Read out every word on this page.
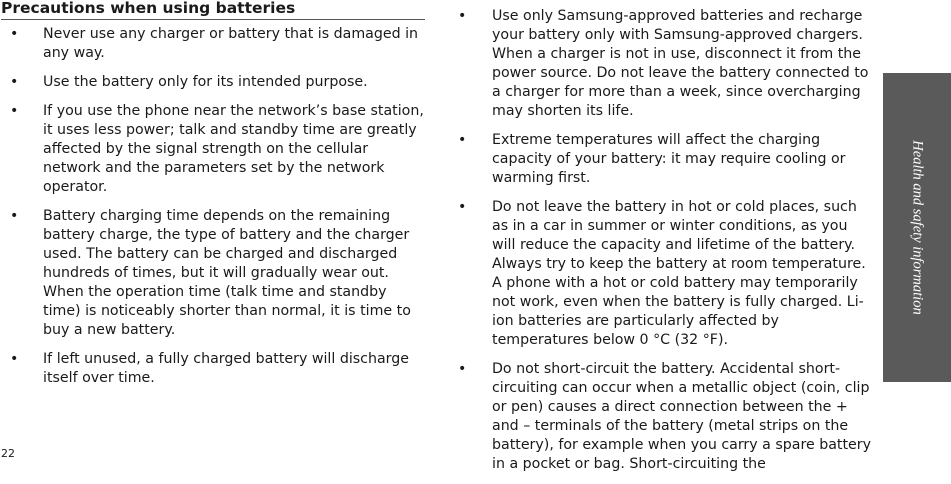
Precautions when using batteries
• Never use any charger or battery that is damaged in any way.
• Use the battery only for its intended purpose.
• If you use the phone near the network’s base station, it uses less power; talk and standby time are greatly affected by the signal strength on the cellular network and the parameters set by the network operator.
• Battery charging time depends on the remaining battery charge, the type of battery and the charger used. The battery can be charged and discharged hundreds of times, but it will gradually wear out. When the operation time (talk time and standby time) is noticeably shorter than normal, it is time to buy a new battery.
• If left unused, a fully charged battery will discharge itself over time.
• Use only Samsung-approved batteries and recharge your battery only with Samsung-approved chargers. When a charger is not in use, disconnect it from the power source. Do not leave the battery connected to a charger for more than a week, since overcharging may shorten its life.
• Extreme temperatures will affect the charging capacity of your battery: it may require cooling or warming first.
• Do not leave the battery in hot or cold places, such as in a car in summer or winter conditions, as you will reduce the capacity and lifetime of the battery. Always try to keep the battery at room temperature. A phone with a hot or cold battery may temporarily not work, even when the battery is fully charged. Li-ion batteries are particularly affected by temperatures below 0 °C (32 °F).
• Do not short-circuit the battery. Accidental short-circuiting can occur when a metallic object (coin, clip or pen) causes a direct connection between the + and – terminals of the battery (metal strips on the battery), for example when you carry a spare battery in a pocket or bag. Short-circuiting the
22
Health and safety information
